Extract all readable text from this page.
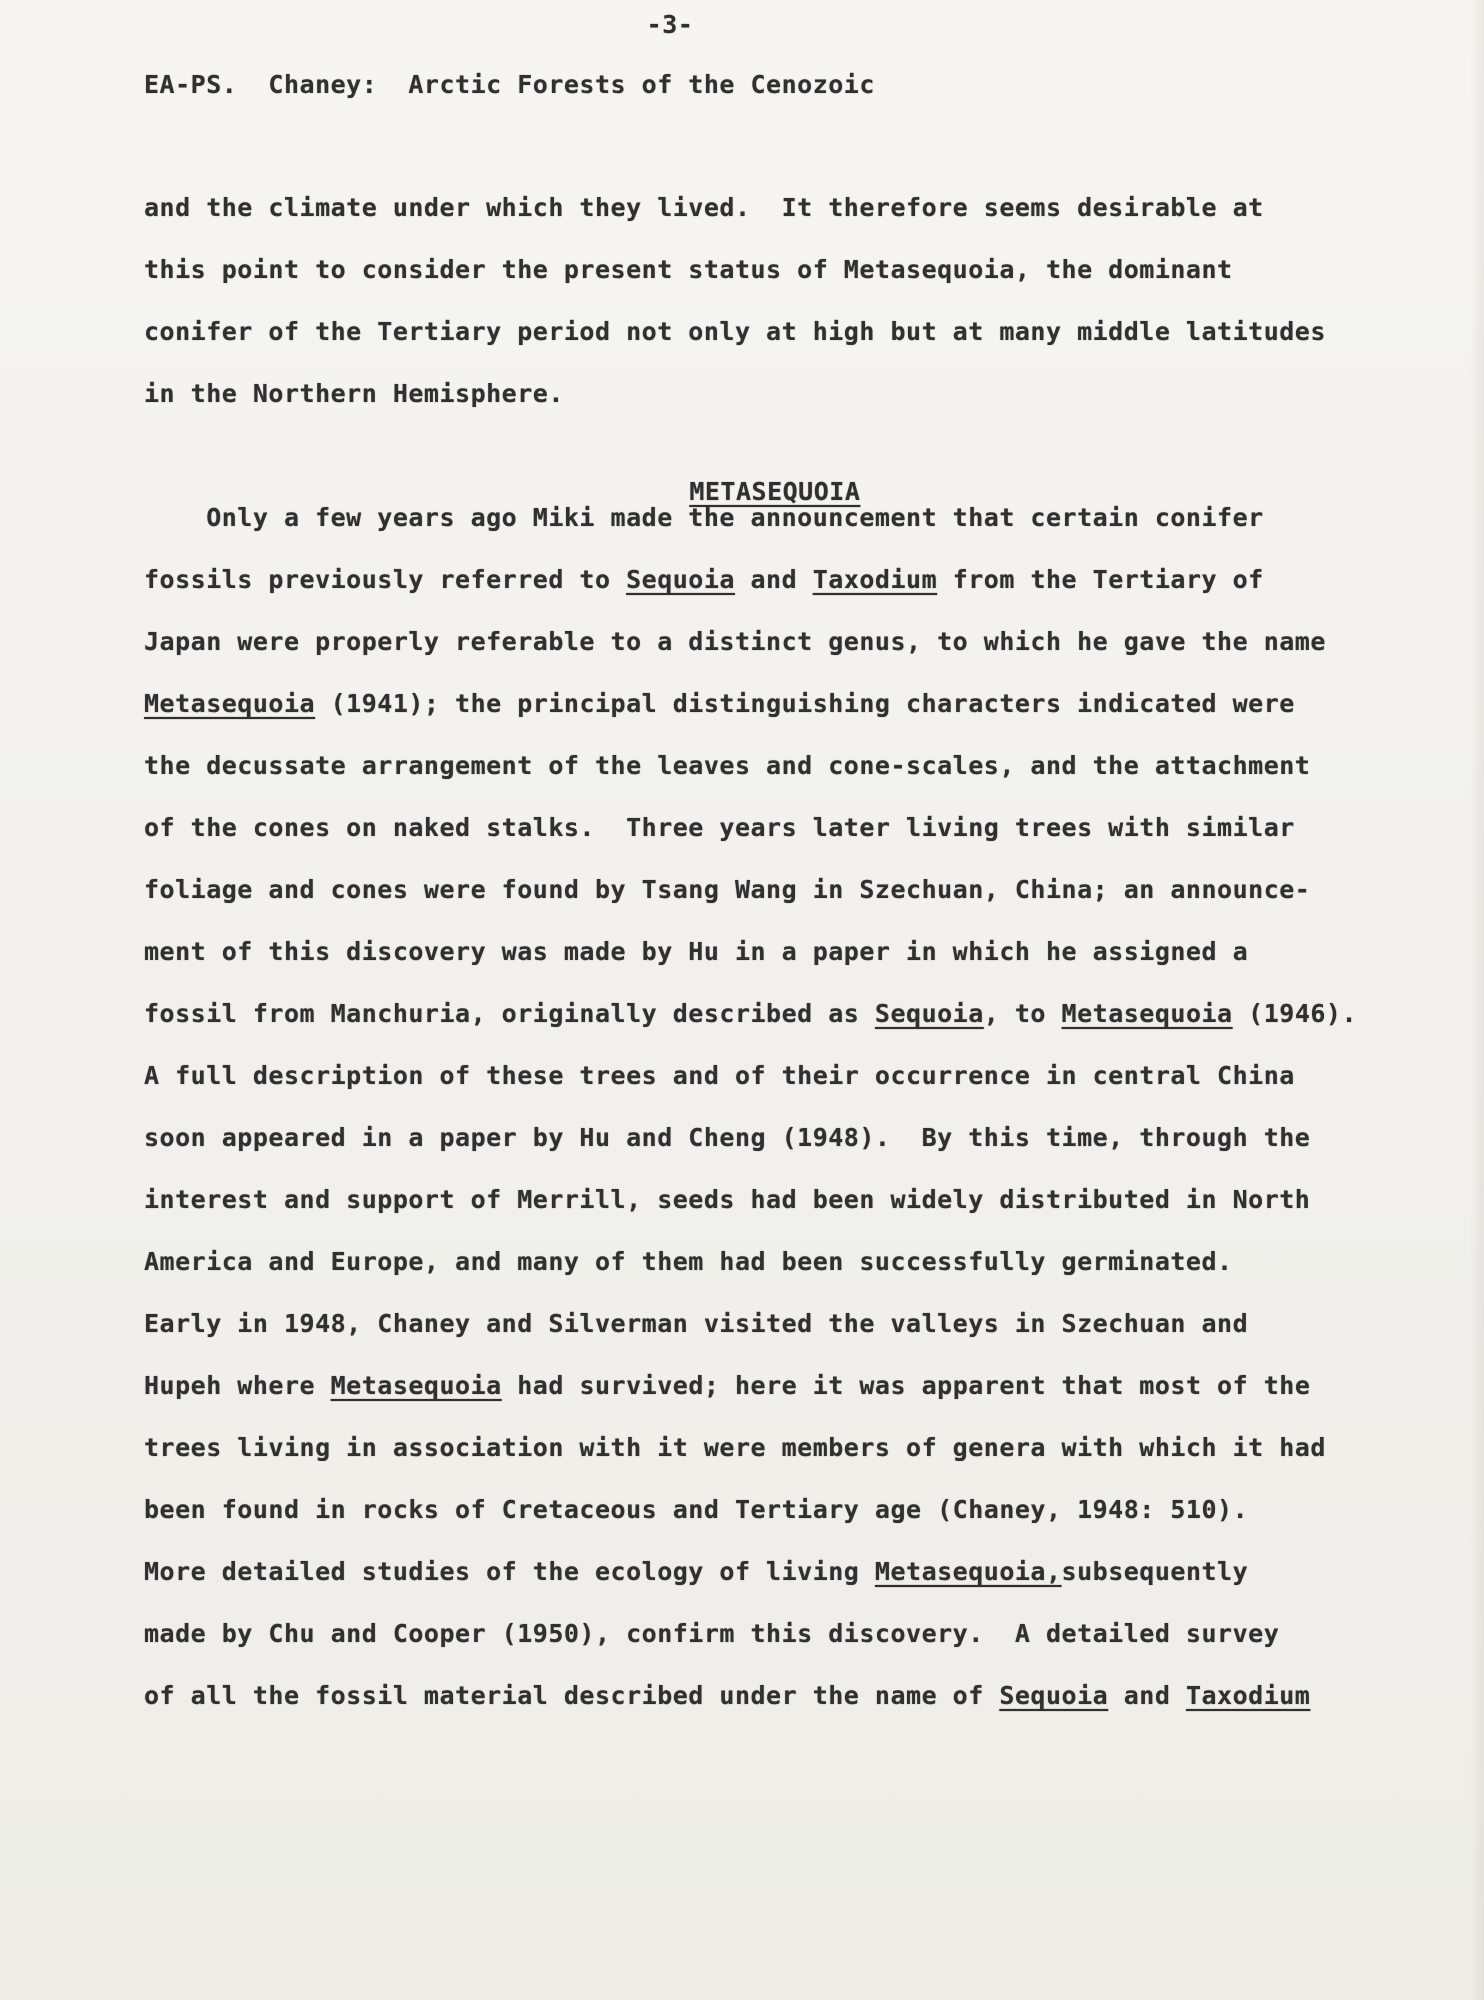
-3-
EA-PS.  Chaney:  Arctic Forests of the Cenozoic
and the climate under which they lived.  It therefore seems desirable at
this point to consider the present status of Metasequoia, the dominant
conifer of the Tertiary period not only at high but at many middle latitudes
in the Northern Hemisphere.

METASEQUOIA

Only a few years ago Miki made the announcement that certain conifer
fossils previously referred to Sequoia and Taxodium from the Tertiary of
Japan were properly referable to a distinct genus, to which he gave the name
Metasequoia (1941); the principal distinguishing characters indicated were
the decussate arrangement of the leaves and cone-scales, and the attachment
of the cones on naked stalks.  Three years later living trees with similar
foliage and cones were found by Tsang Wang in Szechuan, China; an announce-
ment of this discovery was made by Hu in a paper in which he assigned a
fossil from Manchuria, originally described as Sequoia, to Metasequoia (1946).
A full description of these trees and of their occurrence in central China
soon appeared in a paper by Hu and Cheng (1948).  By this time, through the
interest and support of Merrill, seeds had been widely distributed in North
America and Europe, and many of them had been successfully germinated.
Early in 1948, Chaney and Silverman visited the valleys in Szechuan and
Hupeh where Metasequoia had survived; here it was apparent that most of the
trees living in association with it were members of genera with which it had
been found in rocks of Cretaceous and Tertiary age (Chaney, 1948: 510).
More detailed studies of the ecology of living Metasequoia,subsequently
made by Chu and Cooper (1950), confirm this discovery.  A detailed survey
of all the fossil material described under the name of Sequoia and Taxodium
